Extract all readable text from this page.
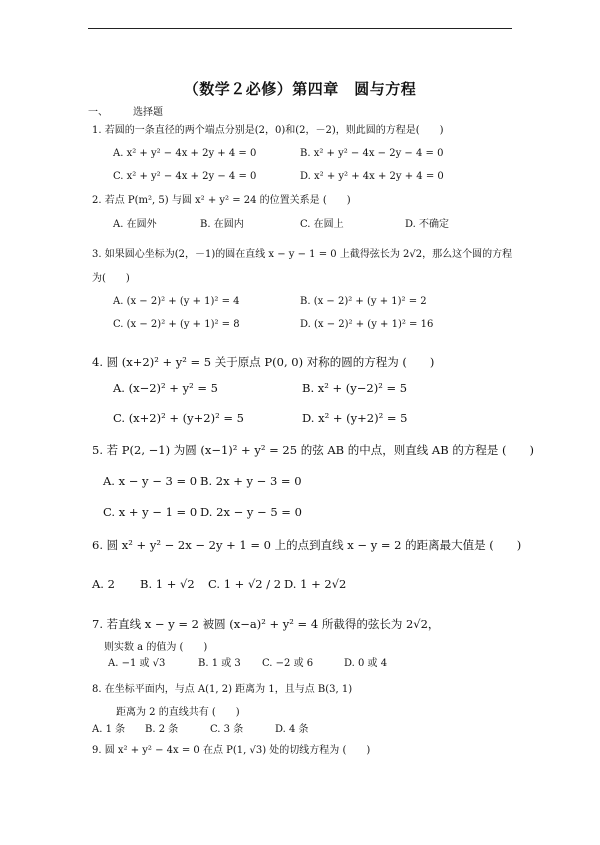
（数学２必修）第四章　圆与方程
一、	选择题
1. 若圆的一条直径的两个端点分别是(2，0)和(2，－2)，则此圆的方程是(　　)
A. x² + y² − 4x + 2y + 4 = 0	B. x² + y² − 4x − 2y − 4 = 0
C. x² + y² − 4x + 2y − 4 = 0	D. x² + y² + 4x + 2y + 4 = 0
2. 若点 P(m², 5) 与圆 x² + y² = 24 的位置关系是 (　　)
A. 在圆外	B. 在圆内	C. 在圆上	D. 不确定
3. 如果圆心坐标为(2，－1)的圆在直线 x − y − 1 = 0 上截得弦长为 2√2，那么这个圆的方程
为(　　)
A. (x − 2)² + (y + 1)² = 4	B. (x − 2)² + (y + 1)² = 2
C. (x − 2)² + (y + 1)² = 8	D. (x − 2)² + (y + 1)² = 16
4. 圆 (x+2)² + y² = 5 关于原点 P(0, 0) 对称的圆的方程为 (　　)
A. (x−2)² + y² = 5	B. x² + (y−2)² = 5
C. (x+2)² + (y+2)² = 5	D. x² + (y+2)² = 5
5. 若 P(2, −1) 为圆 (x−1)² + y² = 25 的弦 AB 的中点，则直线 AB 的方程是 (　　)
A. x − y − 3 = 0 B. 2x + y − 3 = 0
C. x + y − 1 = 0 D. 2x − y − 5 = 0
6. 圆 x² + y² − 2x − 2y + 1 = 0 上的点到直线 x − y = 2 的距离最大值是 (　　)
A. 2 B. 1 + √2 C. 1 + √2 / 2 D. 1 + 2√2
7. 若直线 x − y = 2 被圆 (x−a)² + y² = 4 所截得的弦长为 2√2，
则实数 a 的值为 (　　)
A. −1 或 √3	B. 1 或 3 C. −2 或 6	D. 0 或 4
8. 在坐标平面内，与点 A(1, 2) 距离为 1，且与点 B(3, 1)
距离为 2 的直线共有 (　　)
A. 1 条 B. 2 条	C. 3 条	D. 4 条
9. 圆 x² + y² − 4x = 0 在点 P(1, √3) 处的切线方程为 (　　)
